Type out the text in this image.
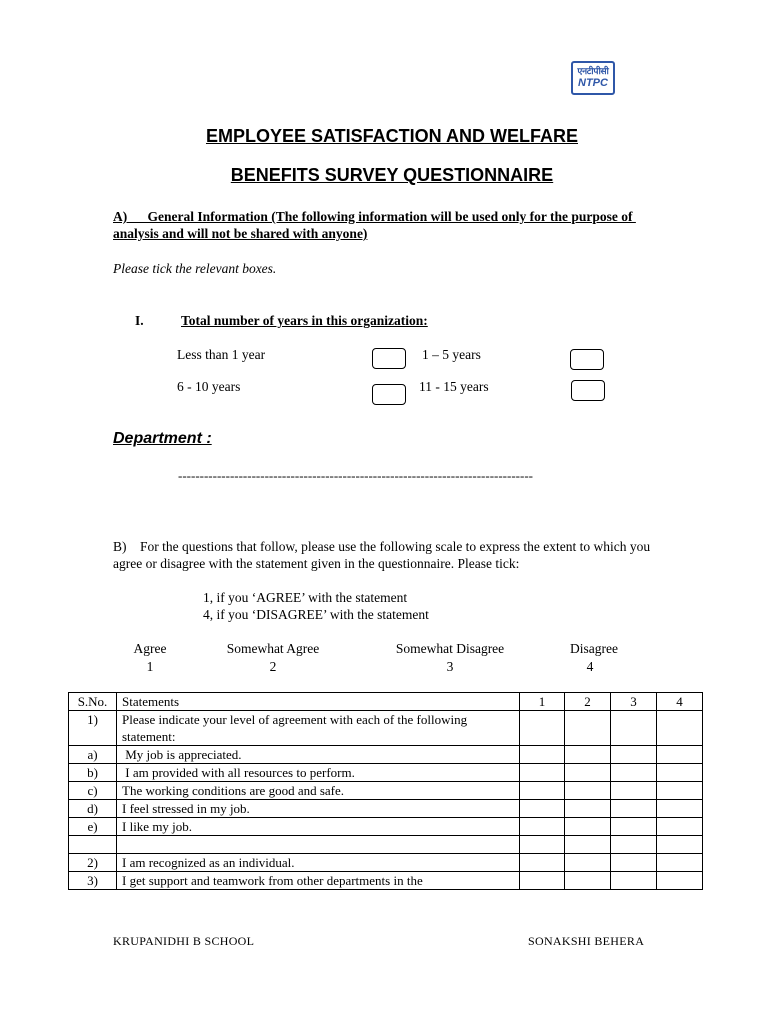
एनटीपीसी
NTPC
EMPLOYEE SATISFACTION AND WELFARE
BENEFITS SURVEY QUESTIONNAIRE
A)      General Information (The following information will be used only for the purpose of analysis and will not be shared with anyone)
Please tick the relevant boxes.
I.	Total number of years in this organization:
Less than 1 year	1 – 5 years
6 - 10 years	11 - 15 years
Department :
----------------------------------------------------------------------------------
B)    For the questions that follow, please use the following scale to express the extent to which you agree or disagree with the statement given in the questionnaire. Please tick:
1, if you ‘AGREE’ with the statement
4, if you ‘DISAGREE’ with the statement
Agree
1
Somewhat Agree
2
Somewhat Disagree
3
Disagree
4
S.No.	Statements	1	2	3	4
1)	Please indicate your level of agreement with each of the following statement:				
a)	My job is appreciated.				
b)	I am provided with all resources to perform.				
c)	The working conditions are good and safe.				
d)	I feel stressed in my job.				
e)	I like my job.				

2)	I am recognized as an individual.				
3)	I get support and teamwork from other departments in the				
KRUPANIDHI B SCHOOL	SONAKSHI BEHERA
